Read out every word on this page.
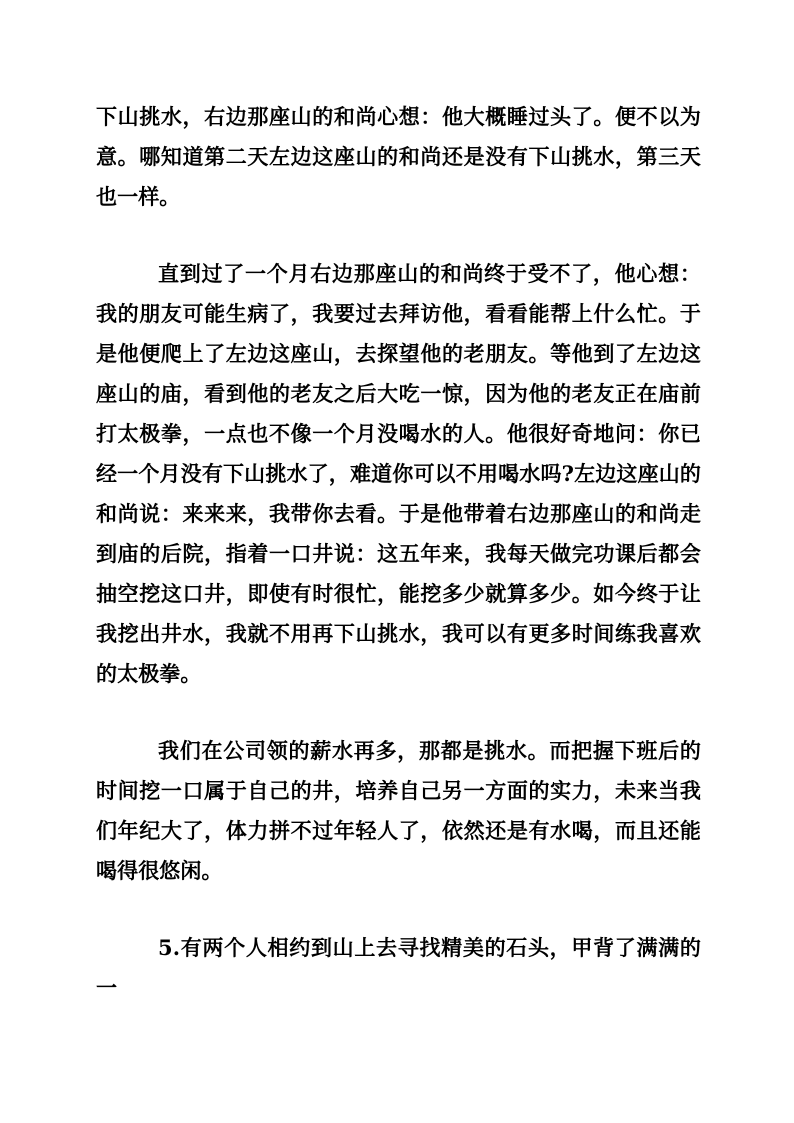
下山挑水，右边那座山的和尚心想：他大概睡过头了。便不以为意。哪知道第二天左边这座山的和尚还是没有下山挑水，第三天也一样。

直到过了一个月右边那座山的和尚终于受不了，他心想：我的朋友可能生病了，我要过去拜访他，看看能帮上什么忙。于是他便爬上了左边这座山，去探望他的老朋友。等他到了左边这座山的庙，看到他的老友之后大吃一惊，因为他的老友正在庙前打太极拳，一点也不像一个月没喝水的人。他很好奇地问：你已经一个月没有下山挑水了，难道你可以不用喝水吗?左边这座山的和尚说：来来来，我带你去看。于是他带着右边那座山的和尚走到庙的后院，指着一口井说：这五年来，我每天做完功课后都会抽空挖这口井，即使有时很忙，能挖多少就算多少。如今终于让我挖出井水，我就不用再下山挑水，我可以有更多时间练我喜欢的太极拳。

我们在公司领的薪水再多，那都是挑水。而把握下班后的时间挖一口属于自己的井，培养自己另一方面的实力，未来当我们年纪大了，体力拼不过年轻人了，依然还是有水喝，而且还能喝得很悠闲。

5.有两个人相约到山上去寻找精美的石头，甲背了满满的一
